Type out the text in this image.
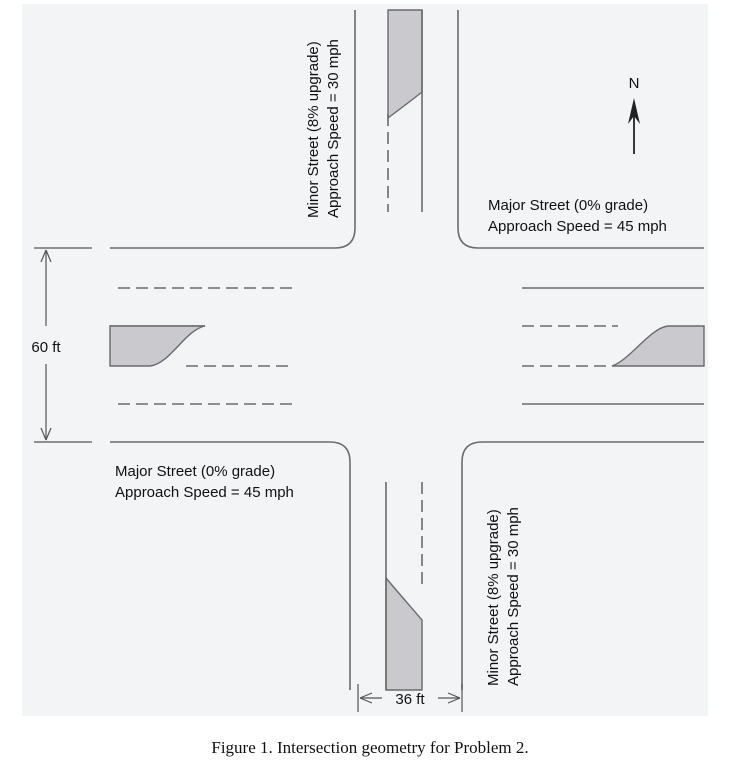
N
60 ft
36 ft
Major Street (0% grade)
Approach Speed = 45 mph
Major Street (0% grade)
Approach Speed = 45 mph
Minor Street (8% upgrade) Approach Speed = 30 mph
Minor Street (8% upgrade) Approach Speed = 30 mph
Figure 1. Intersection geometry for Problem 2.
